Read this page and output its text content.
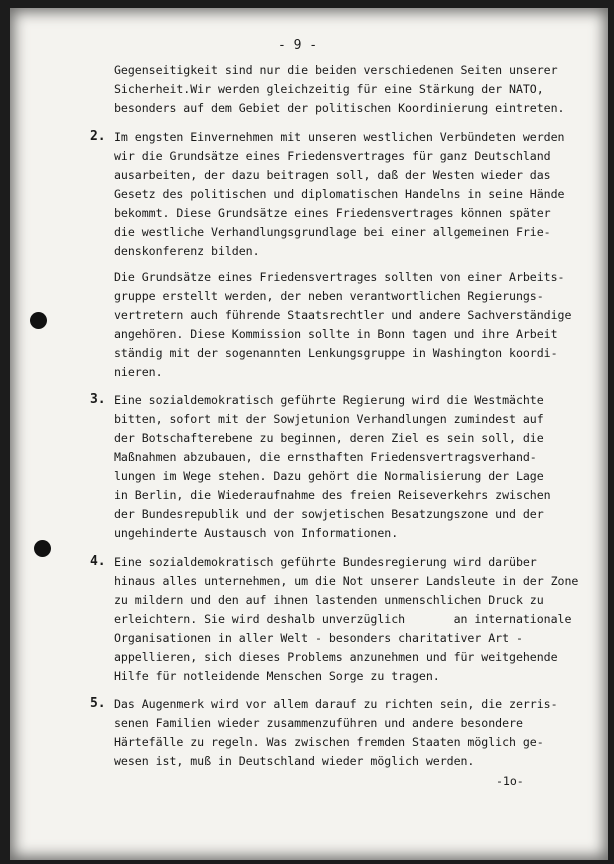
- 9 -
Gegenseitigkeit sind nur die beiden verschiedenen Seiten unserer
Sicherheit.Wir werden gleichzeitig für eine Stärkung der NATO,
besonders auf dem Gebiet der politischen Koordinierung eintreten.
2. Im engsten Einvernehmen mit unseren westlichen Verbündeten werden
wir die Grundsätze eines Friedensvertrages für ganz Deutschland
ausarbeiten, der dazu beitragen soll, daß der Westen wieder das
Gesetz des politischen und diplomatischen Handelns in seine Hände
bekommt. Diese Grundsätze eines Friedensvertrages können später
die westliche Verhandlungsgrundlage bei einer allgemeinen Frie-
denskonferenz bilden.
Die Grundsätze eines Friedensvertrages sollten von einer Arbeits-
gruppe erstellt werden, der neben verantwortlichen Regierungs-
vertretern auch führende Staatsrechtler und andere Sachverständige
angehören. Diese Kommission sollte in Bonn tagen und ihre Arbeit
ständig mit der sogenannten Lenkungsgruppe in Washington koordi-
nieren.
3. Eine sozialdemokratisch geführte Regierung wird die Westmächte
bitten, sofort mit der Sowjetunion Verhandlungen zumindest auf
der Botschafterebene zu beginnen, deren Ziel es sein soll, die
Maßnahmen abzubauen, die ernsthaften Friedensvertragsverhand-
lungen im Wege stehen. Dazu gehört die Normalisierung der Lage
in Berlin, die Wiederaufnahme des freien Reiseverkehrs zwischen
der Bundesrepublik und der sowjetischen Besatzungszone und der
ungehinderte Austausch von Informationen.
4. Eine sozialdemokratisch geführte Bundesregierung wird darüber
hinaus alles unternehmen, um die Not unserer Landsleute in der Zone
zu mildern und den auf ihnen lastenden unmenschlichen Druck zu
erleichtern. Sie wird deshalb unverzüglich       an internationale
Organisationen in aller Welt - besonders charitativer Art -
appellieren, sich dieses Problems anzunehmen und für weitgehende
Hilfe für notleidende Menschen Sorge zu tragen.
5. Das Augenmerk wird vor allem darauf zu richten sein, die zerris-
senen Familien wieder zusammenzuführen und andere besondere
Härtefälle zu regeln. Was zwischen fremden Staaten möglich ge-
wesen ist, muß in Deutschland wieder möglich werden.
-1o-
